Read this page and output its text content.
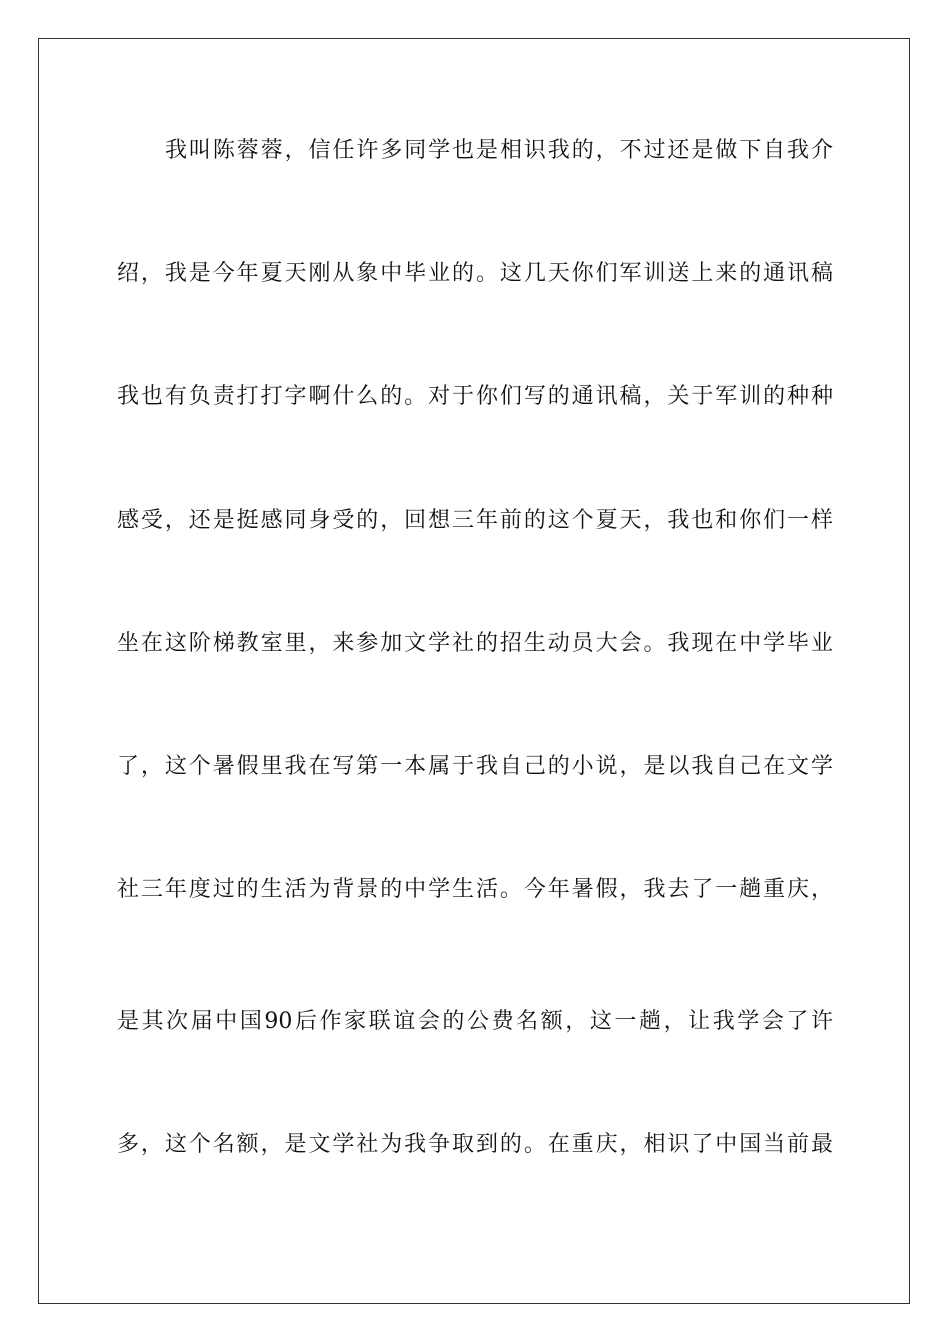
我叫陈蓉蓉，信任许多同学也是相识我的，不过还是做下自我介
绍，我是今年夏天刚从象中毕业的。这几天你们军训送上来的通讯稿
我也有负责打打字啊什么的。对于你们写的通讯稿，关于军训的种种
感受，还是挺感同身受的，回想三年前的这个夏天，我也和你们一样
坐在这阶梯教室里，来参加文学社的招生动员大会。我现在中学毕业
了，这个暑假里我在写第一本属于我自己的小说，是以我自己在文学
社三年度过的生活为背景的中学生活。今年暑假，我去了一趟重庆，
是其次届中国90后作家联谊会的公费名额，这一趟，让我学会了许
多，这个名额，是文学社为我争取到的。在重庆，相识了中国当前最
